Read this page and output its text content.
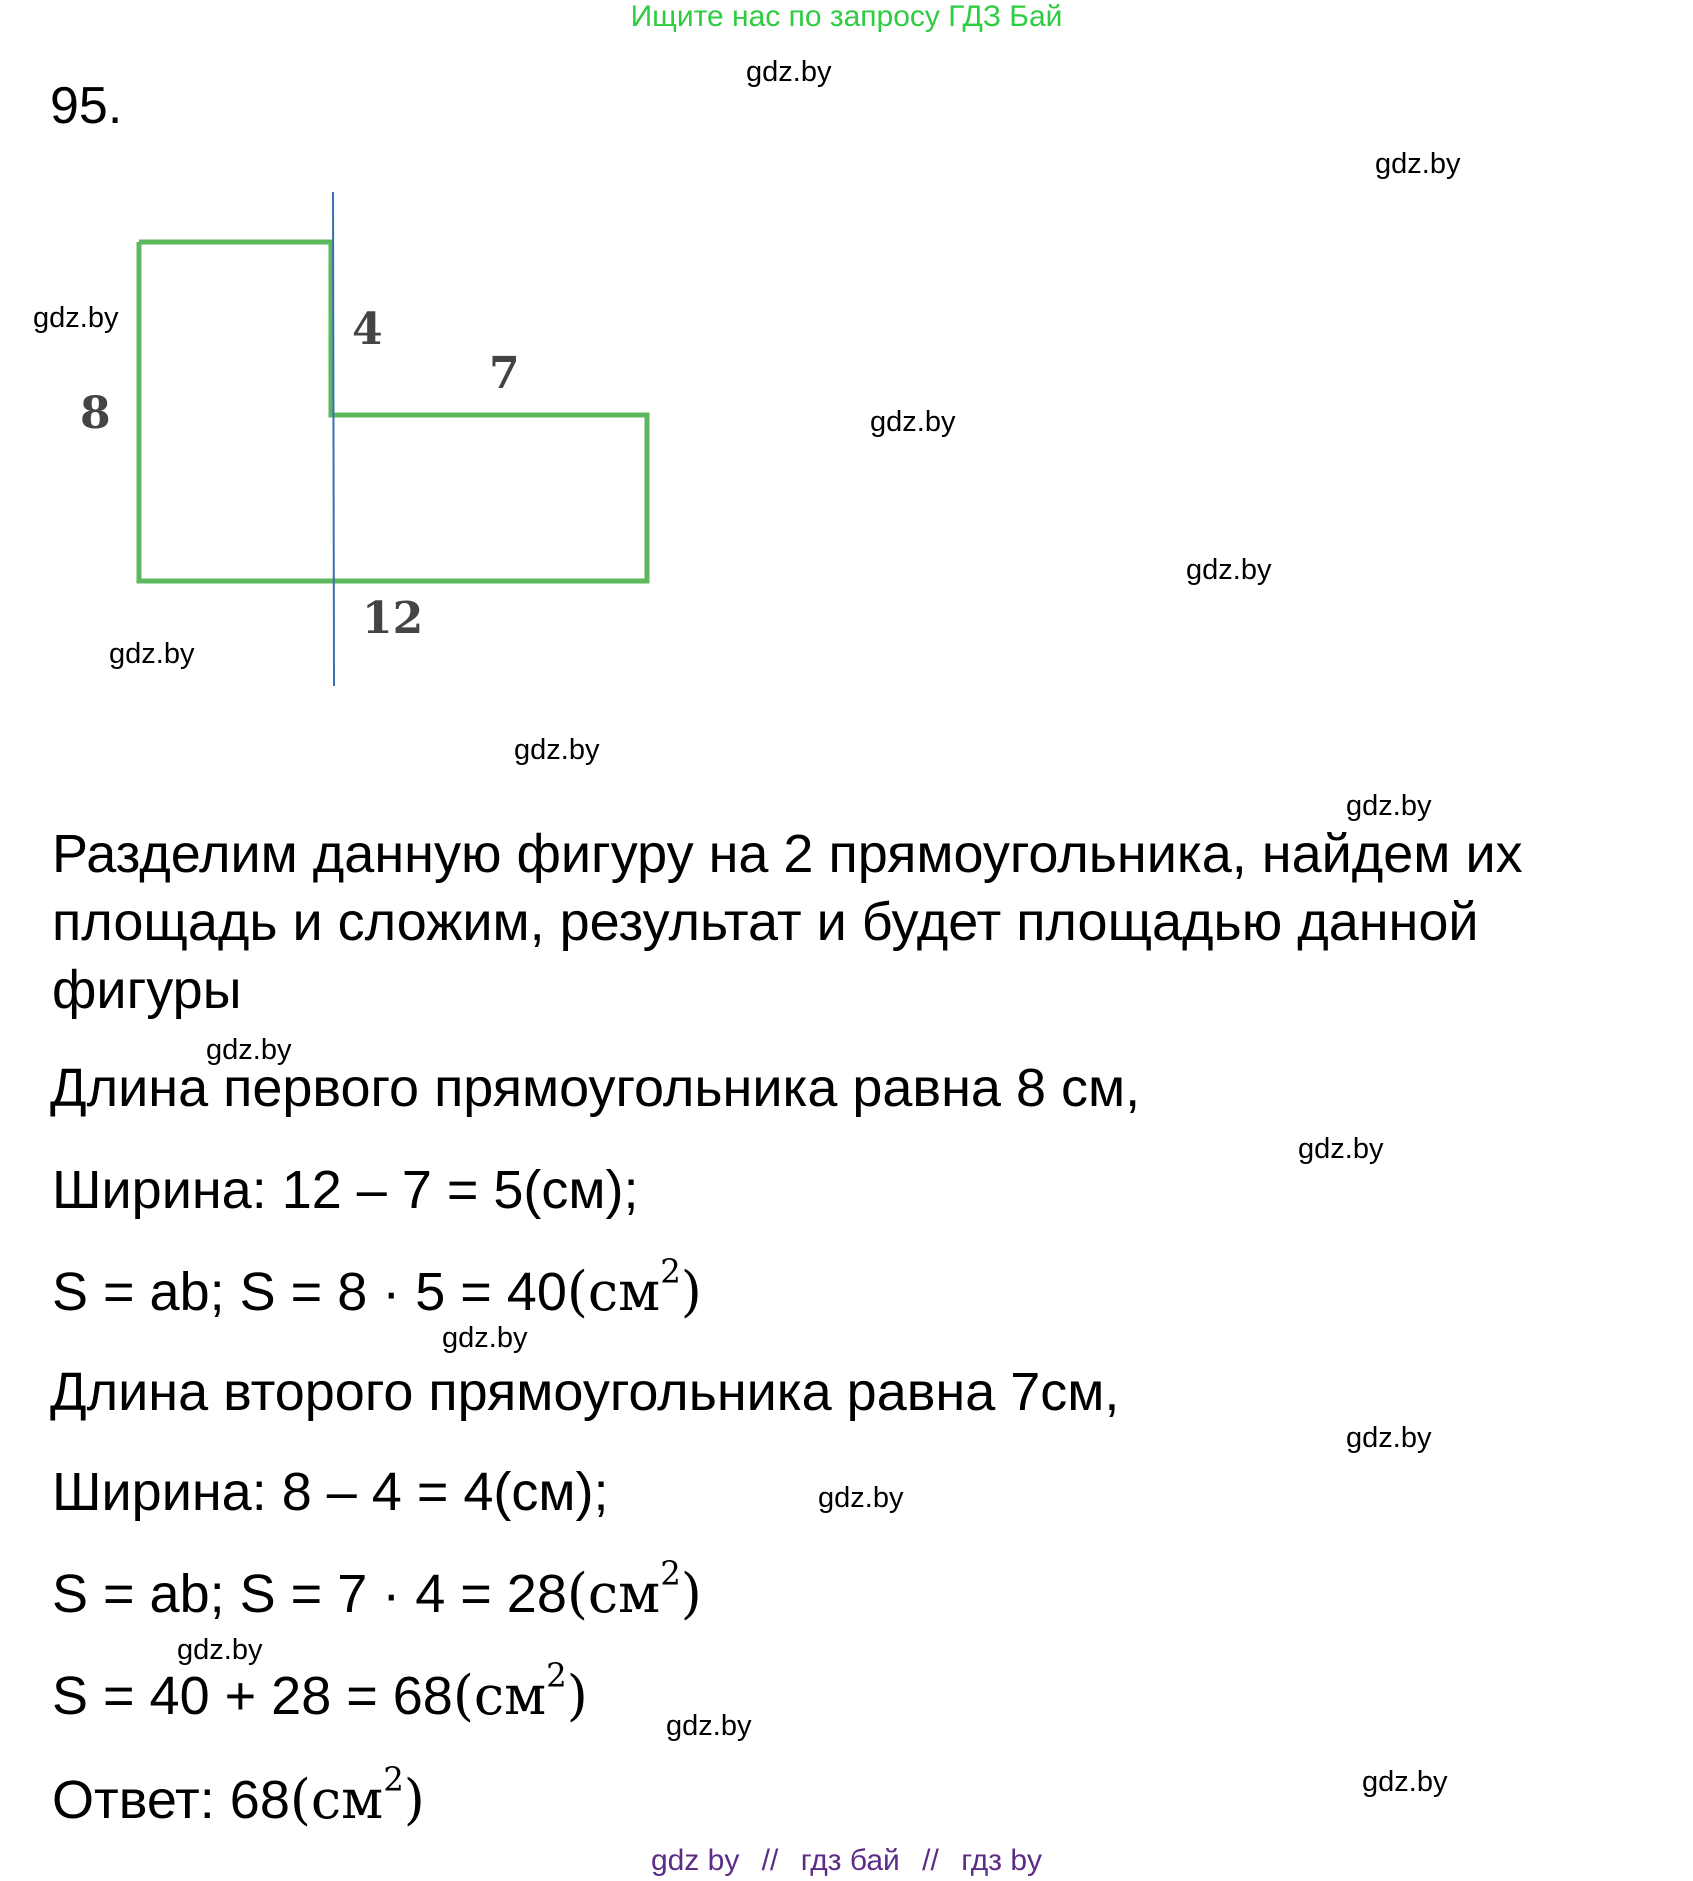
Ищите нас по запросу ГДЗ Бай
95.
8
4
7
12
gdz.by
gdz.by
gdz.by
gdz.by
gdz.by
gdz.by
gdz.by
gdz.by
gdz.by
gdz.by
gdz.by
gdz.by
gdz.by
gdz.by
gdz.by
gdz.by
Разделим данную фигуру на 2 прямоугольника, найдем их площадь и сложим, результат и будет площадью данной фигуры
Длина первого прямоугольника равна 8 см,
Ширина: 12 – 7 = 5(см);
S = ab; $S = 8 \cdot 5 = 40(см^2)$
Длина второго прямоугольника равна 7см,
Ширина: 8 – 4 = 4(см);
S = ab; $S = 7 \cdot 4 = 28(см^2)$
$S = 40 + 28 = 68(см^2)$
Ответ: $68(см^2)$
gdz by // гдз бай // гдз by
